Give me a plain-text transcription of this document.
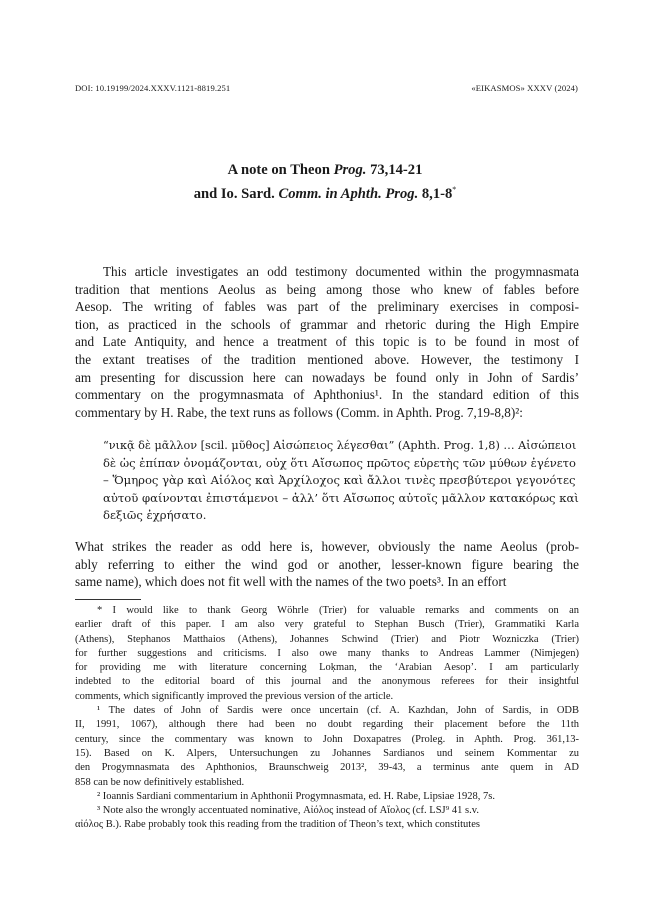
DOI: 10.19199/2024.XXXV.1121-8819.251	«EIKASMOS» XXXV (2024)
A note on Theon Prog. 73,14-21
and Io. Sard. Comm. in Aphth. Prog. 8,1-8*
This article investigates an odd testimony documented within the progymnasmata
tradition that mentions Aeolus as being among those who knew of fables before
Aesop. The writing of fables was part of the preliminary exercises in composi-
tion, as practiced in the schools of grammar and rhetoric during the High Empire
and Late Antiquity, and hence a treatment of this topic is to be found in most of
the extant treatises of the tradition mentioned above. However, the testimony I
am presenting for discussion here can nowadays be found only in John of Sardis’
commentary on the progymnasmata of Aphthonius¹. In the standard edition of this
commentary by H. Rabe, the text runs as follows (Comm. in Aphth. Prog. 7,19-8,8)²:
“νικᾷ δὲ μᾶλλον [scil. μῦθος] Αἰσώπειος λέγεσθαι” (Aphth. Prog. 1,8) … Αἰσώπειοι
δὲ ὡς ἐπίπαν ὀνομάζονται, οὐχ ὅτι Αἴσωπος πρῶτος εὑρετὴς τῶν μύθων ἐγένετο
– Ὅμηρος γὰρ καὶ Αἰόλος καὶ Ἀρχίλοχος καὶ ἄλλοι τινὲς πρεσβύτεροι γεγονότες
αὐτοῦ φαίνονται ἐπιστάμενοι – ἀλλ’ ὅτι Αἴσωπος αὐτοῖς μᾶλλον κατακόρως καὶ
δεξιῶς ἐχρήσατο.
What strikes the reader as odd here is, however, obviously the name Aeolus (prob-
ably referring to either the wind god or another, lesser-known figure bearing the
same name), which does not fit well with the names of the two poets³. In an effort
* I would like to thank Georg Wöhrle (Trier) for valuable remarks and comments on an
earlier draft of this paper. I am also very grateful to Stephan Busch (Trier), Grammatiki Karla
(Athens), Stephanos Matthaios (Athens), Johannes Schwind (Trier) and Piotr Wozniczka (Trier)
for further suggestions and criticisms. I also owe many thanks to Andreas Lammer (Nimjegen)
for providing me with literature concerning Loḳman, the ‘Arabian Aesop’. I am particularly
indebted to the editorial board of this journal and the anonymous referees for their insightful
comments, which significantly improved the previous version of the article.
¹ The dates of John of Sardis were once uncertain (cf. A. Kazhdan, John of Sardis, in ODB
II, 1991, 1067), although there had been no doubt regarding their placement before the 11th
century, since the commentary was known to John Doxapatres (Proleg. in Aphth. Prog. 361,13-
15). Based on K. Alpers, Untersuchungen zu Johannes Sardianos und seinem Kommentar zu
den Progymnasmata des Aphthonios, Braunschweig 2013², 39-43, a terminus ante quem in AD
858 can be now definitively established.
² Ioannis Sardiani commentarium in Aphthonii Progymnasmata, ed. H. Rabe, Lipsiae 1928, 7s.
³ Note also the wrongly accentuated nominative, Αἰόλος instead of Αἴολος (cf. LSJ⁹ 41 s.v.
αἰόλος B.). Rabe probably took this reading from the tradition of Theon’s text, which constitutes
